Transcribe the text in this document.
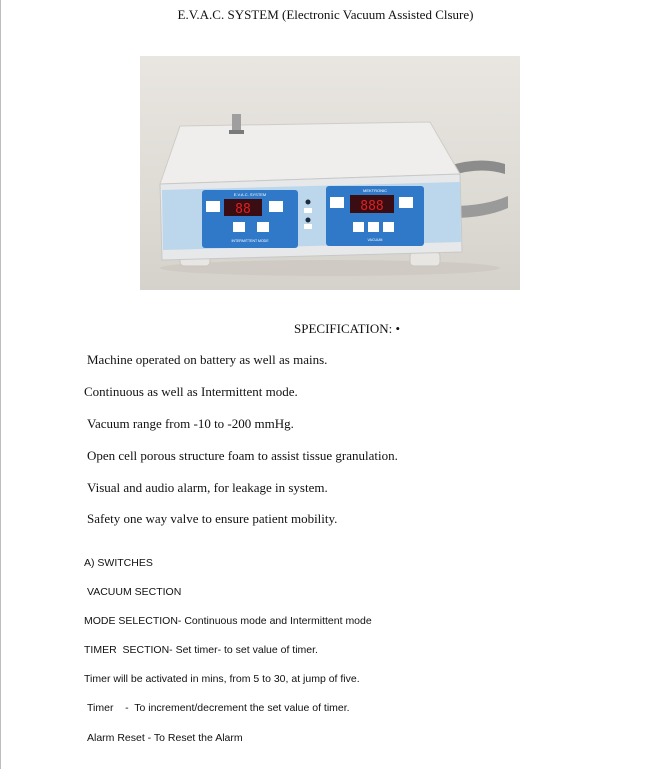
E.V.A.C. SYSTEM (Electronic Vacuum Assisted Clsure)
E.V.A.C. SYSTEM
88
INTERMITTENT MODE
MEKTRONIC
888
VACUUM
SPECIFICATION: •
Machine operated on battery as well as mains.
Continuous as well as Intermittent mode.
Vacuum range from -10 to -200 mmHg.
Open cell porous structure foam to assist tissue granulation.
Visual and audio alarm, for leakage in system.
Safety one way valve to ensure patient mobility.
A) SWITCHES
VACUUM SECTION
MODE SELECTION- Continuous mode and Intermittent mode
TIMER  SECTION- Set timer- to set value of timer.
Timer will be activated in mins, from 5 to 30, at jump of five.
Timer    -  To increment/decrement the set value of timer.
Alarm Reset - To Reset the Alarm
